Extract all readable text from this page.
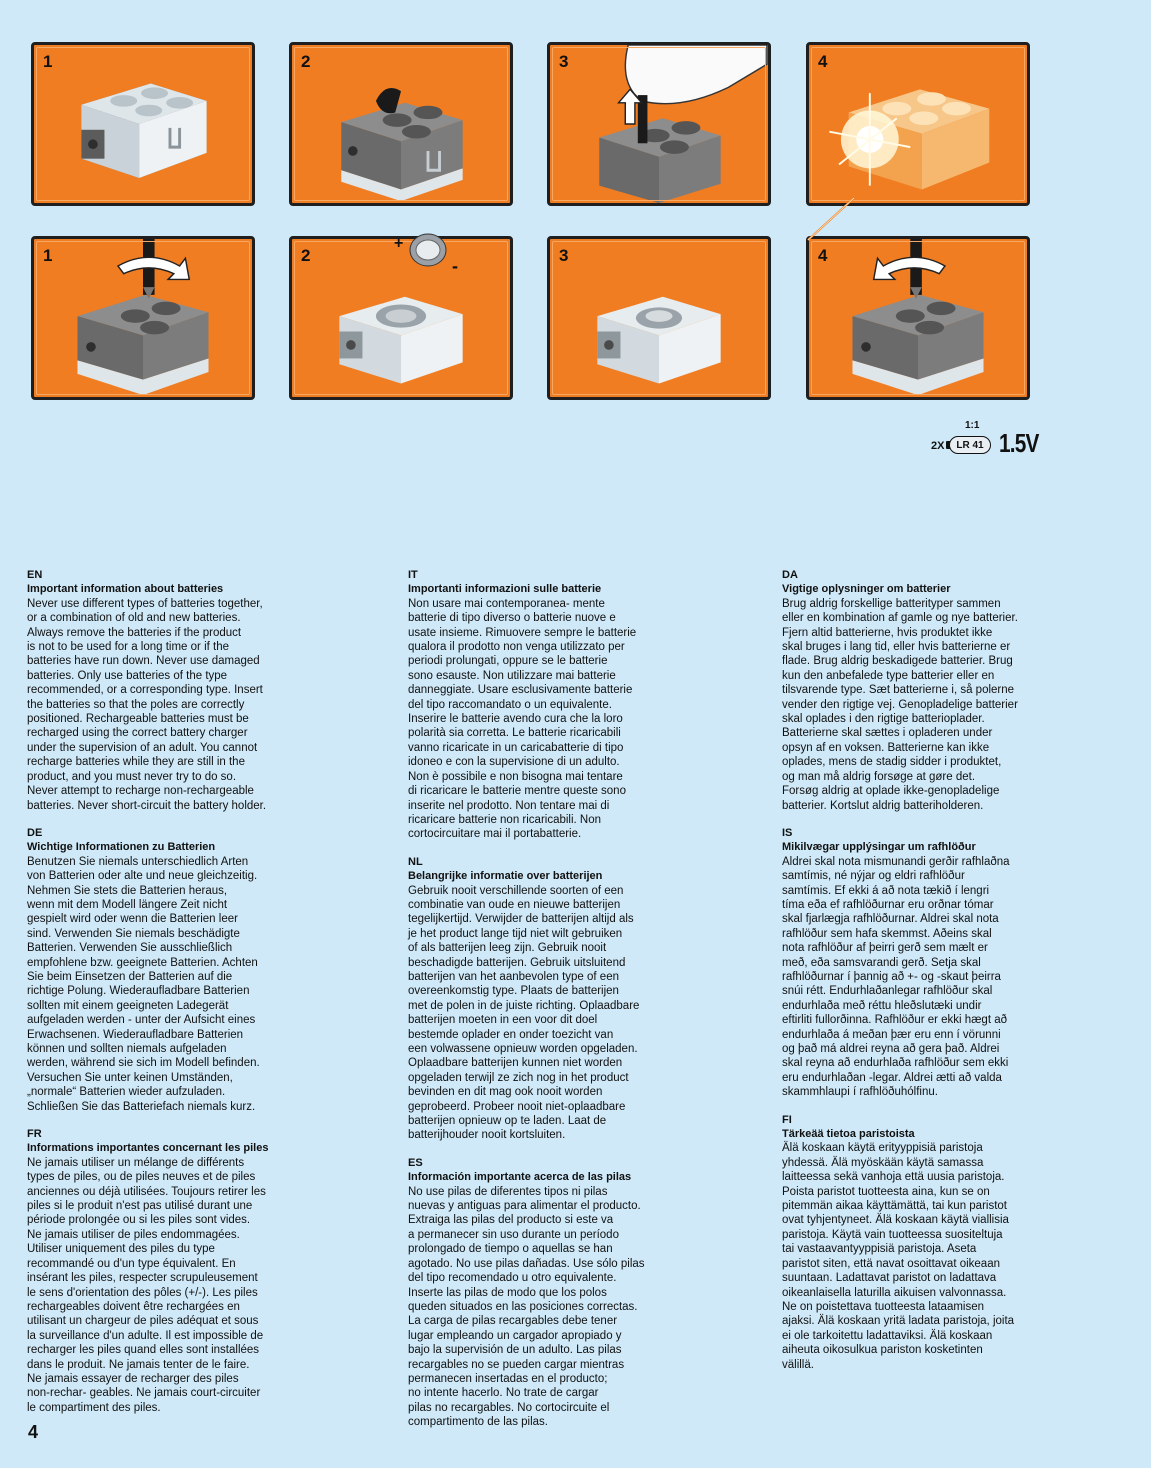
1	2	3	4
1	2	3	4
+
-
1:1
2X	LR 41 1.5V
EN
Important information about batteries
Never use different types of batteries together,
or a combination of old and new batteries.
Always remove the batteries if the product
is not to be used for a long time or if the
batteries have run down. Never use damaged
batteries. Only use batteries of the type
recommended, or a corresponding type. Insert
the batteries so that the poles are correctly
positioned. Rechargeable batteries must be
recharged using the correct battery charger
under the supervision of an adult. You cannot
recharge batteries while they are still in the
product, and you must never try to do so.
Never attempt to recharge non-rechargeable
batteries. Never short-circuit the battery holder.
DE
Wichtige Informationen zu Batterien
Benutzen Sie niemals unterschiedlich Arten
von Batterien oder alte und neue gleichzeitig.
Nehmen Sie stets die Batterien heraus,
wenn mit dem Modell längere Zeit nicht
gespielt wird oder wenn die Batterien leer
sind. Verwenden Sie niemals beschädigte
Batterien. Verwenden Sie ausschließlich
empfohlene bzw. geeignete Batterien. Achten
Sie beim Einsetzen der Batterien auf die
richtige Polung. Wiederaufladbare Batterien
sollten mit einem geeigneten Ladegerät
aufgeladen werden - unter der Aufsicht eines
Erwachsenen. Wiederaufladbare Batterien
können und sollten niemals aufgeladen
werden, während sie sich im Modell befinden.
Versuchen Sie unter keinen Umständen,
„normale“ Batterien wieder aufzuladen.
Schließen Sie das Batteriefach niemals kurz.
FR
Informations importantes concernant les piles
Ne jamais utiliser un mélange de différents
types de piles, ou de piles neuves et de piles
anciennes ou déjà utilisées. Toujours retirer les
piles si le produit n'est pas utilisé durant une
période prolongée ou si les piles sont vides.
Ne jamais utiliser de piles endommagées.
Utiliser uniquement des piles du type
recommandé ou d'un type équivalent. En
insérant les piles, respecter scrupuleusement
le sens d'orientation des pôles (+/-). Les piles
rechargeables doivent être rechargées en
utilisant un chargeur de piles adéquat et sous
la surveillance d'un adulte. Il est impossible de
recharger les piles quand elles sont installées
dans le produit. Ne jamais tenter de le faire.
Ne jamais essayer de recharger des piles
non-rechar- geables. Ne jamais court-circuiter
le compartiment des piles.
IT
Importanti informazioni sulle batterie
Non usare mai contemporanea- mente
batterie di tipo diverso o batterie nuove e
usate insieme. Rimuovere sempre le batterie
qualora il prodotto non venga utilizzato per
periodi prolungati, oppure se le batterie
sono esauste. Non utilizzare mai batterie
danneggiate. Usare esclusivamente batterie
del tipo raccomandato o un equivalente.
Inserire le batterie avendo cura che la loro
polarità sia corretta. Le batterie ricaricabili
vanno ricaricate in un caricabatterie di tipo
idoneo e con la supervisione di un adulto.
Non è possibile e non bisogna mai tentare
di ricaricare le batterie mentre queste sono
inserite nel prodotto. Non tentare mai di
ricaricare batterie non ricaricabili. Non
cortocircuitare mai il portabatterie.
NL
Belangrijke informatie over batterijen
Gebruik nooit verschillende soorten of een
combinatie van oude en nieuwe batterijen
tegelijkertijd. Verwijder de batterijen altijd als
je het product lange tijd niet wilt gebruiken
of als batterijen leeg zijn. Gebruik nooit
beschadigde batterijen. Gebruik uitsluitend
batterijen van het aanbevolen type of een
overeenkomstig type. Plaats de batterijen
met de polen in de juiste richting. Oplaadbare
batterijen moeten in een voor dit doel
bestemde oplader en onder toezicht van
een volwassene opnieuw worden opgeladen.
Oplaadbare batterijen kunnen niet worden
opgeladen terwijl ze zich nog in het product
bevinden en dit mag ook nooit worden
geprobeerd. Probeer nooit niet-oplaadbare
batterijen opnieuw op te laden. Laat de
batterijhouder nooit kortsluiten.
ES
Información importante acerca de las pilas
No use pilas de diferentes tipos ni pilas
nuevas y antiguas para alimentar el producto.
Extraiga las pilas del producto si este va
a permanecer sin uso durante un período
prolongado de tiempo o aquellas se han
agotado. No use pilas dañadas. Use sólo pilas
del tipo recomendado u otro equivalente.
Inserte las pilas de modo que los polos
queden situados en las posiciones correctas.
La carga de pilas recargables debe tener
lugar empleando un cargador apropiado y
bajo la supervisión de un adulto. Las pilas
recargables no se pueden cargar mientras
permanecen insertadas en el producto;
no intente hacerlo. No trate de cargar
pilas no recargables. No cortocircuite el
compartimento de las pilas.
DA
Vigtige oplysninger om batterier
Brug aldrig forskellige batterityper sammen
eller en kombination af gamle og nye batterier.
Fjern altid batterierne, hvis produktet ikke
skal bruges i lang tid, eller hvis batterierne er
flade. Brug aldrig beskadigede batterier. Brug
kun den anbefalede type batterier eller en
tilsvarende type. Sæt batterierne i, så polerne
vender den rigtige vej. Genopladelige batterier
skal oplades i den rigtige batterioplader.
Batterierne skal sættes i opladeren under
opsyn af en voksen. Batterierne kan ikke
oplades, mens de stadig sidder i produktet,
og man må aldrig forsøge at gøre det.
Forsøg aldrig at oplade ikke-genopladelige
batterier. Kortslut aldrig batteriholderen.
IS
Mikilvægar upplýsingar um rafhlöður
Aldrei skal nota mismunandi gerðir rafhlaðna
samtímis, né nýjar og eldri rafhlöður
samtímis. Ef ekki á að nota tækið í lengri
tíma eða ef rafhlöðurnar eru orðnar tómar
skal fjarlægja rafhlöðurnar. Aldrei skal nota
rafhlöður sem hafa skemmst. Aðeins skal
nota rafhlöður af þeirri gerð sem mælt er
með, eða samsvarandi gerð. Setja skal
rafhlöðurnar í þannig að +- og -skaut þeirra
snúi rétt. Endurhlaðanlegar rafhlöður skal
endurhlaða með réttu hleðslutæki undir
eftirliti fullorðinna. Rafhlöður er ekki hægt að
endurhlaða á meðan þær eru enn í vörunni
og það má aldrei reyna að gera það. Aldrei
skal reyna að endurhlaða rafhlöður sem ekki
eru endurhlaðan -legar. Aldrei ætti að valda
skammhlaupi í rafhlöðuhólfinu.
FI
Tärkeää tietoa paristoista
Älä koskaan käytä erityyppisiä paristoja
yhdessä. Älä myöskään käytä samassa
laitteessa sekä vanhoja että uusia paristoja.
Poista paristot tuotteesta aina, kun se on
pitemmän aikaa käyttämättä, tai kun paristot
ovat tyhjentyneet. Älä koskaan käytä viallisia
paristoja. Käytä vain tuotteessa suositeltuja
tai vastaavantyyppisiä paristoja. Aseta
paristot siten, että navat osoittavat oikeaan
suuntaan. Ladattavat paristot on ladattava
oikeanlaisella laturilla aikuisen valvonnassa.
Ne on poistettava tuotteesta lataamisen
ajaksi. Älä koskaan yritä ladata paristoja, joita
ei ole tarkoitettu ladattaviksi. Älä koskaan
aiheuta oikosulkua pariston kosketinten
välillä.
4
